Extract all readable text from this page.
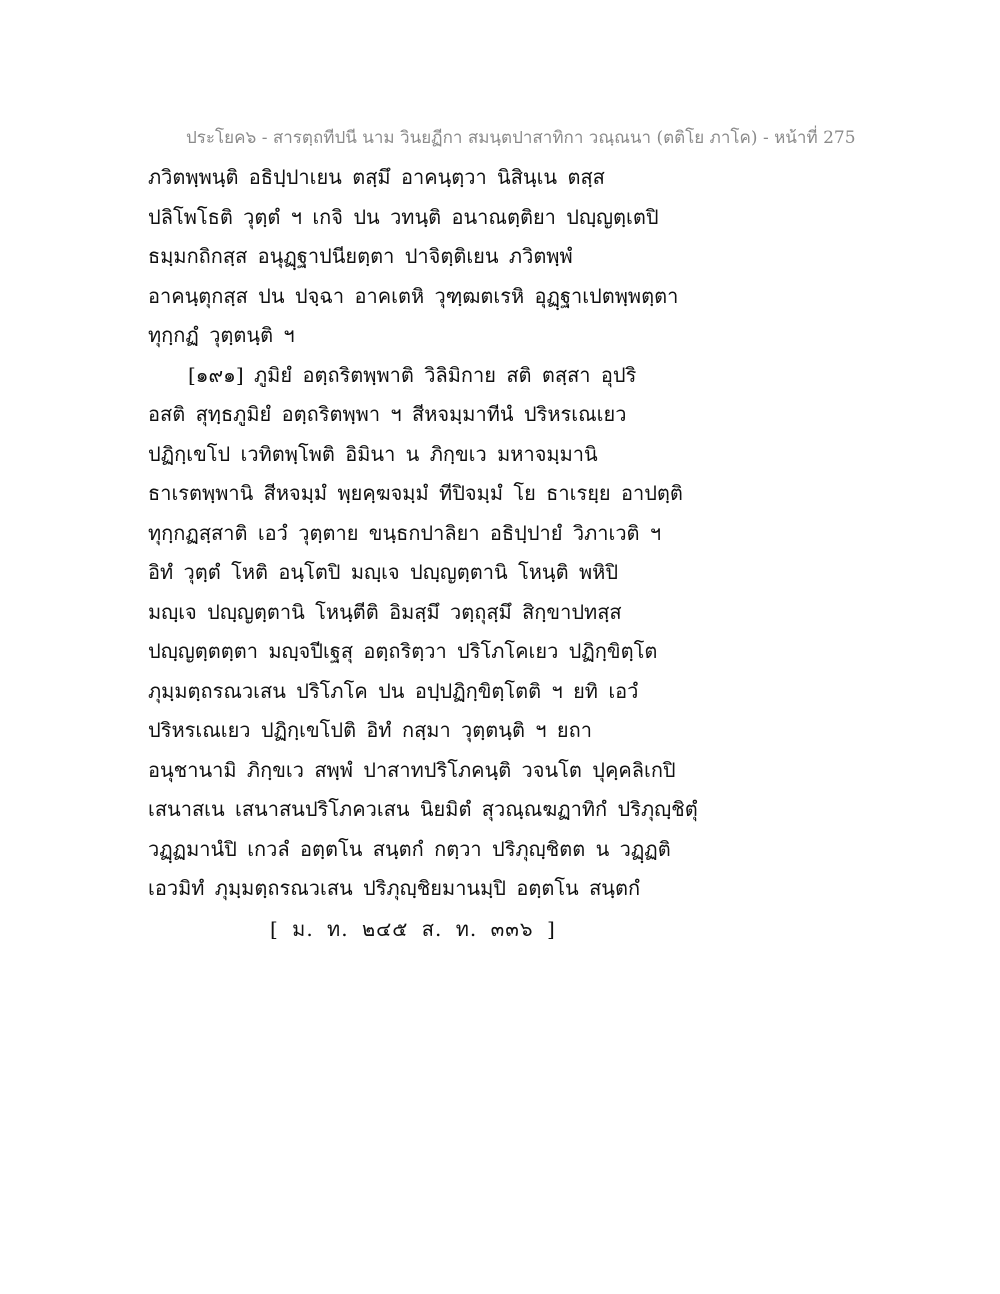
ประโยค๖ - สารตฺถทีปนี นาม วินยฏีกา สมนฺตปาสาทิกา วณฺณนา (ตติโย ภาโค) - หน้าที่ 275
ภวิตพฺพนฺติ อธิปฺปาเยน ตสฺมึ อาคนฺตฺวา นิสินฺเน ตสฺส
ปลิโพโธติ วุตฺตํ ฯ เกจิ ปน วทนฺติ อนาณตฺติยา ปญฺญตฺเตปิ
ธมฺมกถิกสฺส อนุฏฺฐาปนียตฺตา ปาจิตฺติเยน ภวิตพฺพํ
อาคนฺตุกสฺส ปน ปจฺฉา อาคเตหิ วุฑฺฒตเรหิ อุฏฺฐาเปตพฺพตฺตา
ทุกฺกฏํ วุตฺตนฺติ ฯ
[๑๙๑] ภูมิยํ อตฺถริตพฺพาติ วิลิมิกาย สติ ตสฺสา อุปริ
อสติ สุทฺธภูมิยํ อตฺถริตพฺพา ฯ สีหจมฺมาทีนํ ปริหรเณเยว
ปฏิกฺเขโป เวทิตพฺโพติ อิมินา น ภิกฺขเว มหาจมฺมานิ
ธาเรตพฺพานิ สีหจมฺมํ พฺยคฺฆจมฺมํ ทีปิจมฺมํ โย ธาเรยฺย อาปตฺติ
ทุกฺกฏสฺสาติ เอวํ วุตฺตาย ขนฺธกปาลิยา อธิปฺปายํ วิภาเวติ ฯ
อิทํ วุตฺตํ โหติ อนฺโตปิ มญฺเจ ปญฺญตฺตานิ โหนฺติ พหิปิ
มญฺเจ ปญฺญตฺตานิ โหนฺตีติ อิมสฺมึ วตฺถุสฺมึ สิกฺขาปทสฺส
ปญฺญตฺตตฺตา มญฺจปีเฐสุ อตฺถริตฺวา ปริโภโคเยว ปฏิกฺขิตฺโต
ภุมฺมตฺถรณวเสน ปริโภโค ปน อปฺปฏิกฺขิตฺโตติ ฯ ยทิ เอวํ
ปริหรเณเยว ปฏิกฺเขโปติ อิทํ กสฺมา วุตฺตนฺติ ฯ ยถา
อนุชานามิ ภิกฺขเว สพฺพํ ปาสาทปริโภคนฺติ วจนโต ปุคฺคลิเกปิ
เสนาสเน เสนาสนปริโภควเสน นิยมิตํ สุวณฺณฆฏาทิกํ ปริภุญฺชิตุํ
วฏฺฏมานํปิ เกวลํ อตฺตโน สนฺตกํ กตฺวา ปริภุญฺชิตต น วฏฺฏติ
เอวมิทํ ภุมฺมตฺถรณวเสน ปริภุญฺชิยมานมฺปิ อตฺตโน สนฺตกํ
[ ม. ท. ๒๔๕ ส. ท. ๓๓๖ ]
